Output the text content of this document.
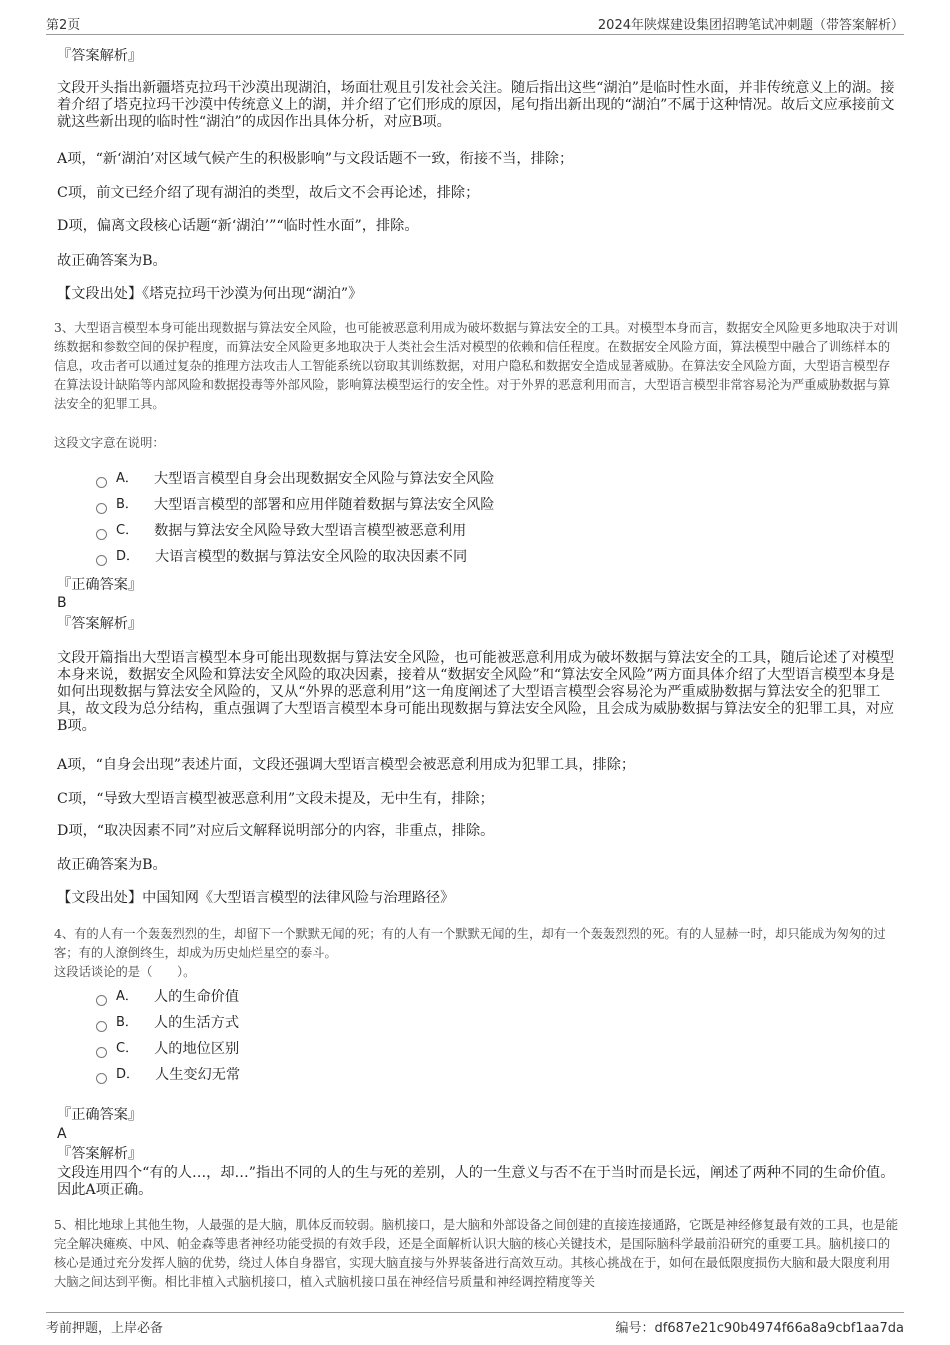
第2页	2024年陕煤建设集团招聘笔试冲刺题（带答案解析）

『答案解析』

文段开头指出新疆塔克拉玛干沙漠出现湖泊，场面壮观且引发社会关注。随后指出这些“湖泊”是临时性水面，并非传统意义上的湖。接着介绍了塔克拉玛干沙漠中传统意义上的湖，并介绍了它们形成的原因，尾句指出新出现的“湖泊”不属于这种情况。故后文应承接前文就这些新出现的临时性“湖泊”的成因作出具体分析，对应B项。

A项，“新‘湖泊’对区域气候产生的积极影响”与文段话题不一致，衔接不当，排除；

C项，前文已经介绍了现有湖泊的类型，故后文不会再论述，排除；

D项，偏离文段核心话题“新‘湖泊’”“临时性水面”，排除。

故正确答案为B。

【文段出处】《塔克拉玛干沙漠为何出现“湖泊”》

3、大型语言模型本身可能出现数据与算法安全风险，也可能被恶意利用成为破坏数据与算法安全的工具。对模型本身而言，数据安全风险更多地取决于对训练数据和参数空间的保护程度，而算法安全风险更多地取决于人类社会生活对模型的依赖和信任程度。在数据安全风险方面，算法模型中融合了训练样本的信息，攻击者可以通过复杂的推理方法攻击人工智能系统以窃取其训练数据，对用户隐私和数据安全造成显著威胁。在算法安全风险方面，大型语言模型存在算法设计缺陷等内部风险和数据投毒等外部风险，影响算法模型运行的安全性。对于外界的恶意利用而言，大型语言模型非常容易沦为严重威胁数据与算法安全的犯罪工具。

这段文字意在说明：

A． 大型语言模型自身会出现数据安全风险与算法安全风险
B． 大型语言模型的部署和应用伴随着数据与算法安全风险
C． 数据与算法安全风险导致大型语言模型被恶意利用
D． 大语言模型的数据与算法安全风险的取决因素不同

『正确答案』

B

『答案解析』

文段开篇指出大型语言模型本身可能出现数据与算法安全风险，也可能被恶意利用成为破坏数据与算法安全的工具，随后论述了对模型本身来说，数据安全风险和算法安全风险的取决因素，接着从“数据安全风险”和“算法安全风险”两方面具体介绍了大型语言模型本身是如何出现数据与算法安全风险的，又从“外界的恶意利用”这一角度阐述了大型语言模型会容易沦为严重威胁数据与算法安全的犯罪工具，故文段为总分结构，重点强调了大型语言模型本身可能出现数据与算法安全风险，且会成为威胁数据与算法安全的犯罪工具，对应B项。

A项，“自身会出现”表述片面，文段还强调大型语言模型会被恶意利用成为犯罪工具，排除；

C项，“导致大型语言模型被恶意利用”文段未提及，无中生有，排除；

D项，“取决因素不同”对应后文解释说明部分的内容，非重点，排除。

故正确答案为B。

【文段出处】中国知网《大型语言模型的法律风险与治理路径》

4、有的人有一个轰轰烈烈的生，却留下一个默默无闻的死；有的人有一个默默无闻的生，却有一个轰轰烈烈的死。有的人显赫一时，却只能成为匆匆的过客；有的人潦倒终生，却成为历史灿烂星空的泰斗。

这段话谈论的是（　　）。

A． 人的生命价值
B． 人的生活方式
C． 人的地位区别
D． 人生变幻无常

『正确答案』

A

『答案解析』

文段连用四个“有的人…，却…”指出不同的人的生与死的差别，人的一生意义与否不在于当时而是长远，阐述了两种不同的生命价值。因此A项正确。

5、相比地球上其他生物，人最强的是大脑，肌体反而较弱。脑机接口，是大脑和外部设备之间创建的直接连接通路，它既是神经修复最有效的工具，也是能完全解决瘫痪、中风、帕金森等患者神经功能受损的有效手段，还是全面解析认识大脑的核心关键技术，是国际脑科学最前沿研究的重要工具。脑机接口的核心是通过充分发挥人脑的优势，绕过人体自身器官，实现大脑直接与外界装备进行高效互动。其核心挑战在于，如何在最低限度损伤大脑和最大限度利用大脑之间达到平衡。相比非植入式脑机接口，植入式脑机接口虽在神经信号质量和神经调控精度等关

考前押题，上岸必备	编号：df687e21c90b4974f66a8a9cbf1aa7da
